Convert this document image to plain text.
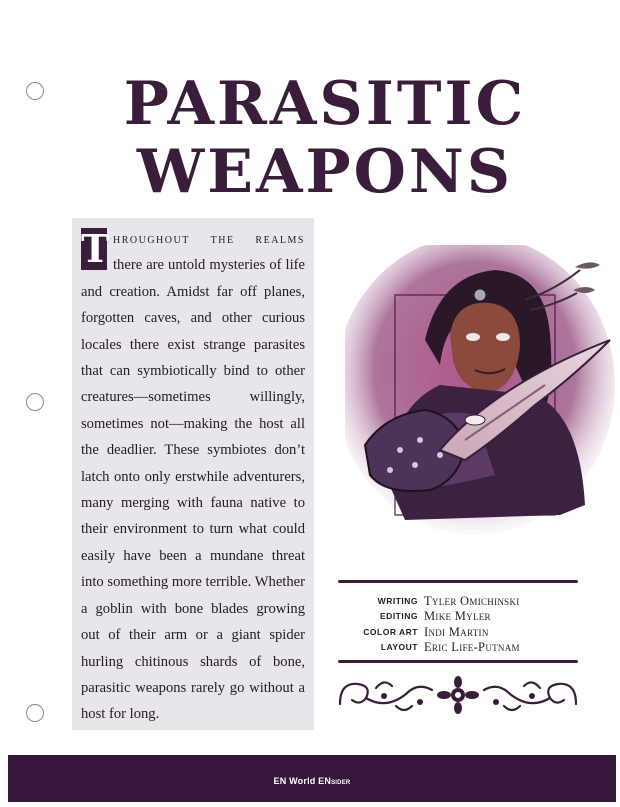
PARASITIC
WEAPONS
T hroughout the realms there are untold mysteries of life and creation. Amidst far off planes, forgotten caves, and other curious locales there exist strange parasites that can symbiotically bind to other creatures—sometimes willingly, sometimes not—making the host all the deadlier. These symbiotes don’t latch onto only erstwhile adventurers, many merging with fauna native to their environment to turn what could easily have been a mundane threat into something more terrible. Whether a goblin with bone blades growing out of their arm or a giant spider hurling chitinous shards of bone, parasitic weapons rarely go without a host for long.
WRITING Tyler Omichinski
EDITING Mike Myler
COLOR ART Indi Martin
LAYOUT Eric Life-Putnam
EN World ENsider
